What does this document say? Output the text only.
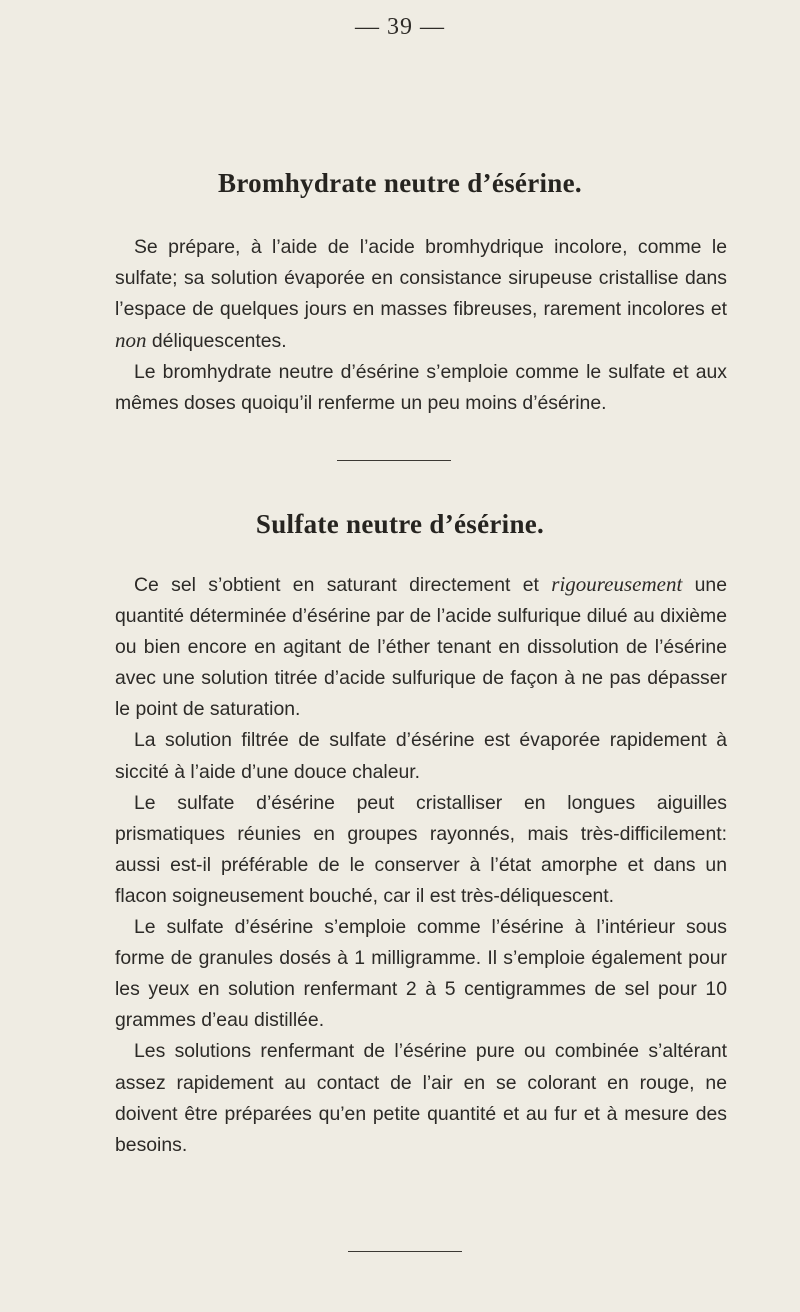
— 39 —
Bromhydrate neutre d’ésérine.

Se prépare, à l’aide de l’acide bromhydrique incolore, comme le sulfate; sa solution évaporée en consistance sirupeuse cristallise dans l’espace de quelques jours en masses fibreuses, rarement incolores et non déliquescentes.

Le bromhydrate neutre d’ésérine s’emploie comme le sulfate et aux mêmes doses quoiqu’il renferme un peu moins d’ésérine.

Sulfate neutre d’ésérine.

Ce sel s’obtient en saturant directement et rigoureusement une quantité déterminée d’ésérine par de l’acide sulfurique dilué au dixième ou bien encore en agitant de l’éther tenant en dissolution de l’ésérine avec une solution titrée d’acide sulfurique de façon à ne pas dépasser le point de saturation.

La solution filtrée de sulfate d’ésérine est évaporée rapidement à siccité à l’aide d’une douce chaleur.

Le sulfate d’ésérine peut cristalliser en longues aiguilles prismatiques réunies en groupes rayonnés, mais très-difficilement: aussi est-il préférable de le conserver à l’état amorphe et dans un flacon soigneusement bouché, car il est très-déliquescent.

Le sulfate d’ésérine s’emploie comme l’ésérine à l’intérieur sous forme de granules dosés à 1 milligramme. Il s’emploie également pour les yeux en solution renfermant 2 à 5 centigrammes de sel pour 10 grammes d’eau distillée.

Les solutions renfermant de l’ésérine pure ou combinée s’altérant assez rapidement au contact de l’air en se colorant en rouge, ne doivent être préparées qu’en petite quantité et au fur et à mesure des besoins.
